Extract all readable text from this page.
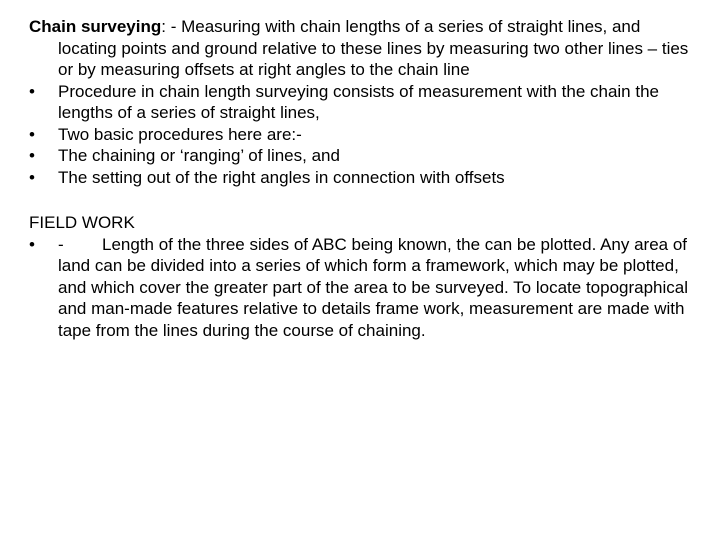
Chain surveying: - Measuring with chain lengths of a series of straight lines, and locating points and ground relative to these lines by measuring two other lines – ties or by measuring offsets at right angles to the chain line
•	Procedure in chain length surveying consists of measurement with the chain the lengths of a series of straight lines,
•	Two basic procedures here are:-
•	The chaining or ‘ranging’ of lines, and
•	The setting out of the right angles in connection with offsets
FIELD WORK
•	- Length of the three sides of ABC being known, the can be plotted. Any area of land can be divided into a series of which form a framework, which may be plotted, and which cover the greater part of the area to be surveyed. To locate topographical and man-made features relative to details frame work, measurement are made with tape from the lines during the course of chaining.
